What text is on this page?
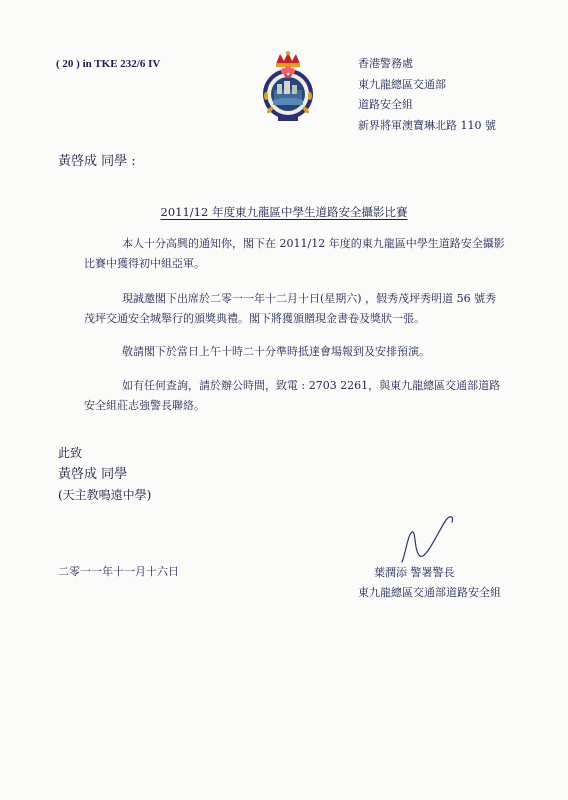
( 20 ) in TKE 232/6 IV	香港警務處
東九龍總區交通部
道路安全組
新界將軍澳寶琳北路 110 號
黃啓成 同學 :
2011/12 年度東九龍區中學生道路安全攝影比賽
本人十分高興的通知你，閣下在 2011/12 年度的東九龍區中學生道路安全攝影
比賽中獲得初中組亞軍。
現誠邀閣下出席於二零一一年十二月十日(星期六) ，假秀茂坪秀明道 56 號秀
茂坪交通安全城舉行的頒獎典禮。閣下將獲頒贈現金書卷及獎狀一張。
敬請閣下於當日上午十時二十分準時抵達會場報到及安排預演。
如有任何查詢，請於辦公時間，致電 : 2703 2261，與東九龍總區交通部道路
安全組莊志強警長聯絡。
此致
黃啓成 同學
(天主教鳴遠中學)
二零一一年十一月十六日	葉潤添 警署警長
東九龍總區交通部道路安全組
